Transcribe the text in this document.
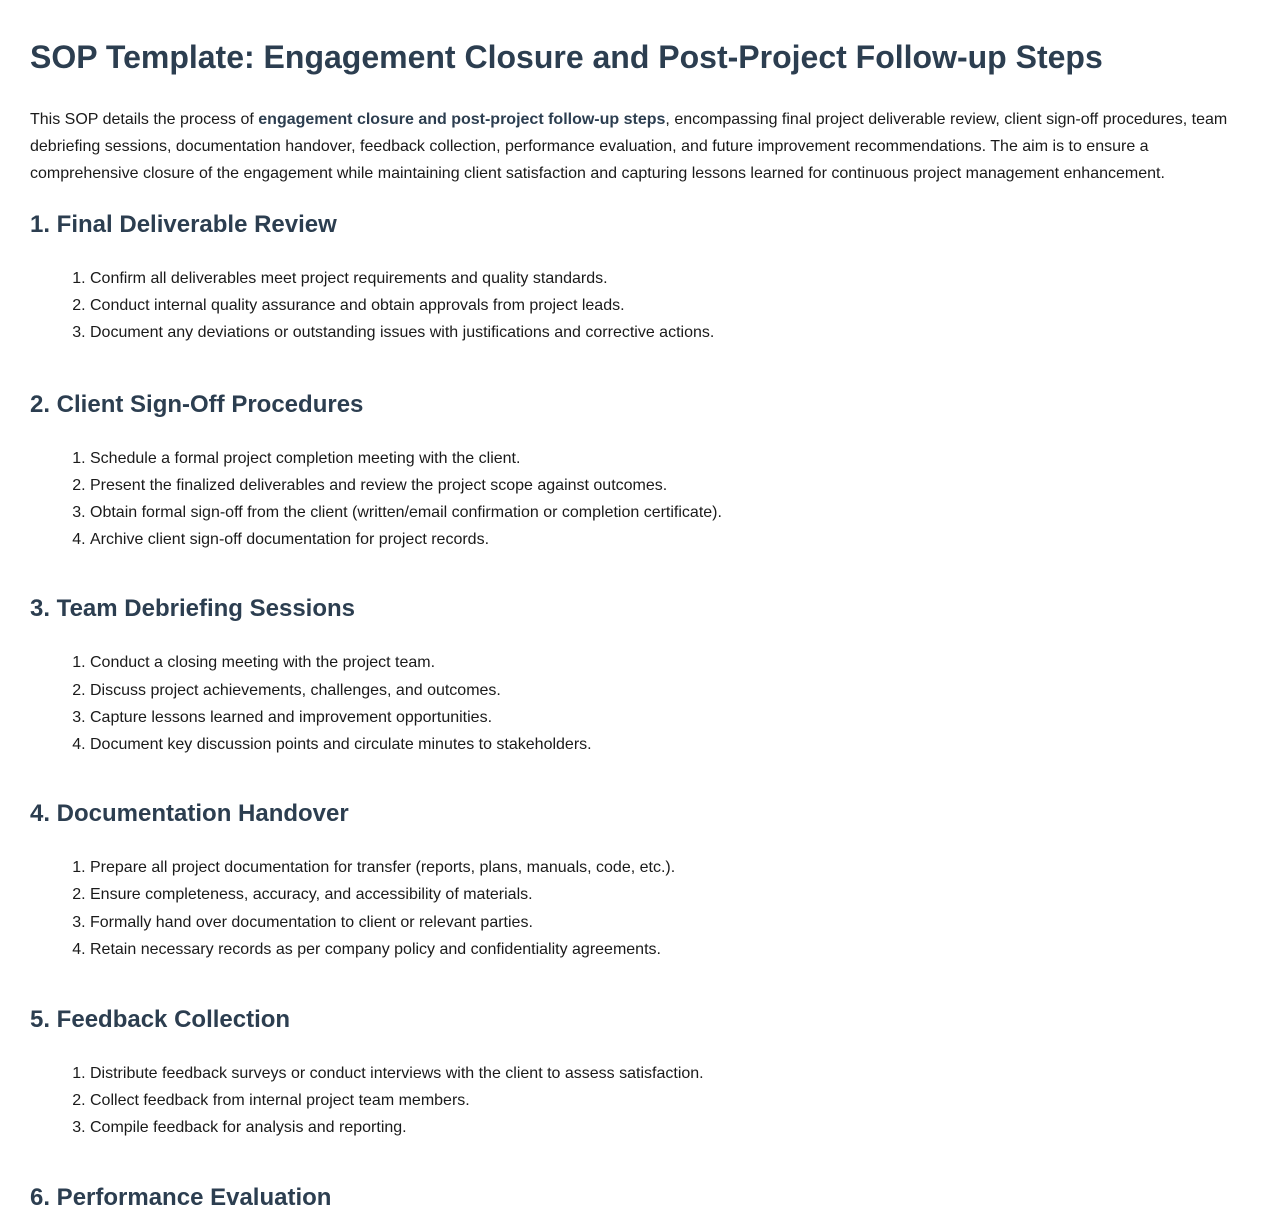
SOP Template: Engagement Closure and Post-Project Follow-up Steps

This SOP details the process of engagement closure and post-project follow-up steps, encompassing final project deliverable review, client sign-off procedures, team debriefing sessions, documentation handover, feedback collection, performance evaluation, and future improvement recommendations. The aim is to ensure a comprehensive closure of the engagement while maintaining client satisfaction and capturing lessons learned for continuous project management enhancement.

1. Final Deliverable Review
1. Confirm all deliverables meet project requirements and quality standards.
2. Conduct internal quality assurance and obtain approvals from project leads.
3. Document any deviations or outstanding issues with justifications and corrective actions.
2. Client Sign-Off Procedures
1. Schedule a formal project completion meeting with the client.
2. Present the finalized deliverables and review the project scope against outcomes.
3. Obtain formal sign-off from the client (written/email confirmation or completion certificate).
4. Archive client sign-off documentation for project records.
3. Team Debriefing Sessions
1. Conduct a closing meeting with the project team.
2. Discuss project achievements, challenges, and outcomes.
3. Capture lessons learned and improvement opportunities.
4. Document key discussion points and circulate minutes to stakeholders.
4. Documentation Handover
1. Prepare all project documentation for transfer (reports, plans, manuals, code, etc.).
2. Ensure completeness, accuracy, and accessibility of materials.
3. Formally hand over documentation to client or relevant parties.
4. Retain necessary records as per company policy and confidentiality agreements.
5. Feedback Collection
1. Distribute feedback surveys or conduct interviews with the client to assess satisfaction.
2. Collect feedback from internal project team members.
3. Compile feedback for analysis and reporting.
6. Performance Evaluation
